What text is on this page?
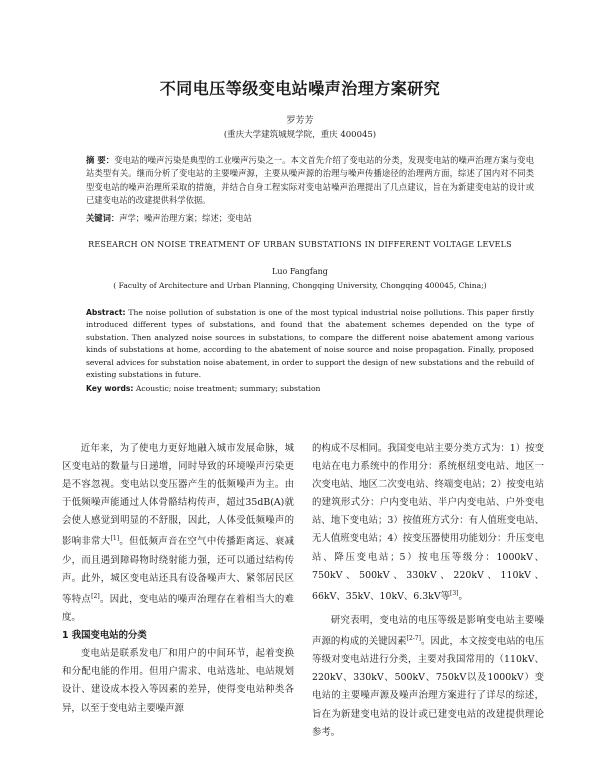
不同电压等级变电站噪声治理方案研究
罗芳芳
(重庆大学建筑城规学院，重庆 400045)
摘 要：变电站的噪声污染是典型的工业噪声污染之一。本文首先介绍了变电站的分类，发现变电站的噪声治理方案与变电站类型有关。继而分析了变电站的主要噪声源，主要从噪声源的治理与噪声传播途径的治理两方面，综述了国内对不同类型变电站的噪声治理所采取的措施，并结合自身工程实际对变电站噪声治理提出了几点建议，旨在为新建变电站的设计或已建变电站的改建提供科学依据。
关键词：声学；噪声治理方案；综述；变电站
RESEARCH ON NOISE TREATMENT OF URBAN SUBSTATIONS IN DIFFERENT VOLTAGE LEVELS
Luo Fangfang
( Faculty of Architecture and Urban Planning, Chongqing University, Chongqing 400045, China;)
Abstract: The noise pollution of substation is one of the most typical industrial noise pollutions. This paper firstly introduced different types of substations, and found that the abatement schemes depended on the type of substation. Then analyzed noise sources in substations, to compare the different noise abatement among various kinds of substations at home, according to the abatement of noise source and noise propagation. Finally, proposed several advices for substation noise abatement, in order to support the design of new substations and the rebuild of existing substations in future.
Key words: Acoustic; noise treatment; summary; substation

近年来，为了使电力更好地融入城市发展命脉，城区变电站的数量与日递增，同时导致的环境噪声污染更是不容忽视。变电站以变压器产生的低频噪声为主。由于低频噪声能通过人体骨骼结构传声，超过35dB(A)就会使人感觉到明显的不舒服，因此，人体受低频噪声的影响非常大[1]。但低频声音在空气中传播距离远、衰减少，而且遇到障碍物时绕射能力强，还可以通过结构传声。此外，城区变电站还具有设备噪声大、紧邻居民区等特点[2]。因此，变电站的噪声治理存在着相当大的难度。

1 我国变电站的分类

变电站是联系发电厂和用户的中间环节，起着变换和分配电能的作用。但用户需求、电站选址、电站规划设计、建设成本投入等因素的差异，使得变电站种类各异，以至于变电站主要噪声源

的构成不尽相同。我国变电站主要分类方式为：1）按变电站在电力系统中的作用分：系统枢纽变电站、地区一次变电站、地区二次变电站、终端变电站；2）按变电站的建筑形式分：户内变电站、半户内变电站、户外变电站、地下变电站；3）按值班方式分：有人值班变电站、无人值班变电站；4）按变压器使用功能划分：升压变电站、降压变电站；5）按电压等级分：1000kV、750kV、500kV、330kV、220kV、110kV、66kV、35kV、10kV、6.3kV等[3]。

研究表明，变电站的电压等级是影响变电站主要噪声源的构成的关键因素[2-7]。因此，本文按变电站的电压等级对变电站进行分类，主要对我国常用的（110kV、220kV、330kV、500kV、750kV以及1000kV）变电站的主要噪声源及噪声治理方案进行了详尽的综述，旨在为新建变电站的设计或已建变电站的改建提供理论参考。
